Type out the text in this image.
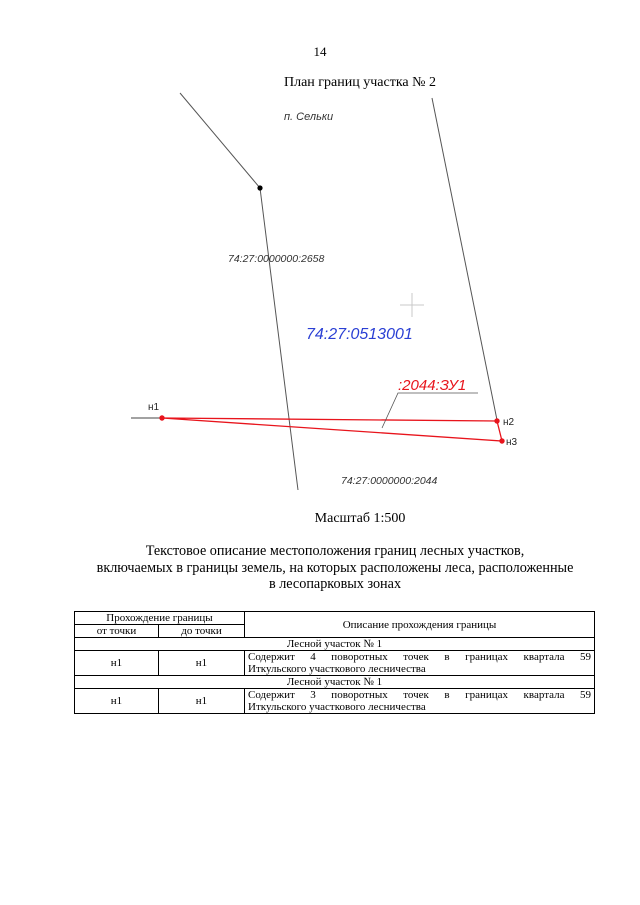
14
План границ участка № 2
п. Сельки
74:27:0000000:2658
74:27:0513001
:2044:ЗУ1
н1
н2
н3
74:27:0000000:2044
Масштаб 1:500
Текстовое описание местоположения границ лесных участков,
включаемых в границы земель, на которых расположены леса, расположенные
в лесопарковых зонах
Прохождение границы		Описание прохождения границы
от точки	до точки	
Лесной участок № 1		
н1	н1	Содержит 4 поворотных точек в границах квартала 59
Иткульского участкового лесничества

Лесной участок № 1		
н1	н1	Содержит 3 поворотных точек в границах квартала 59
Иткульского участкового лесничества
